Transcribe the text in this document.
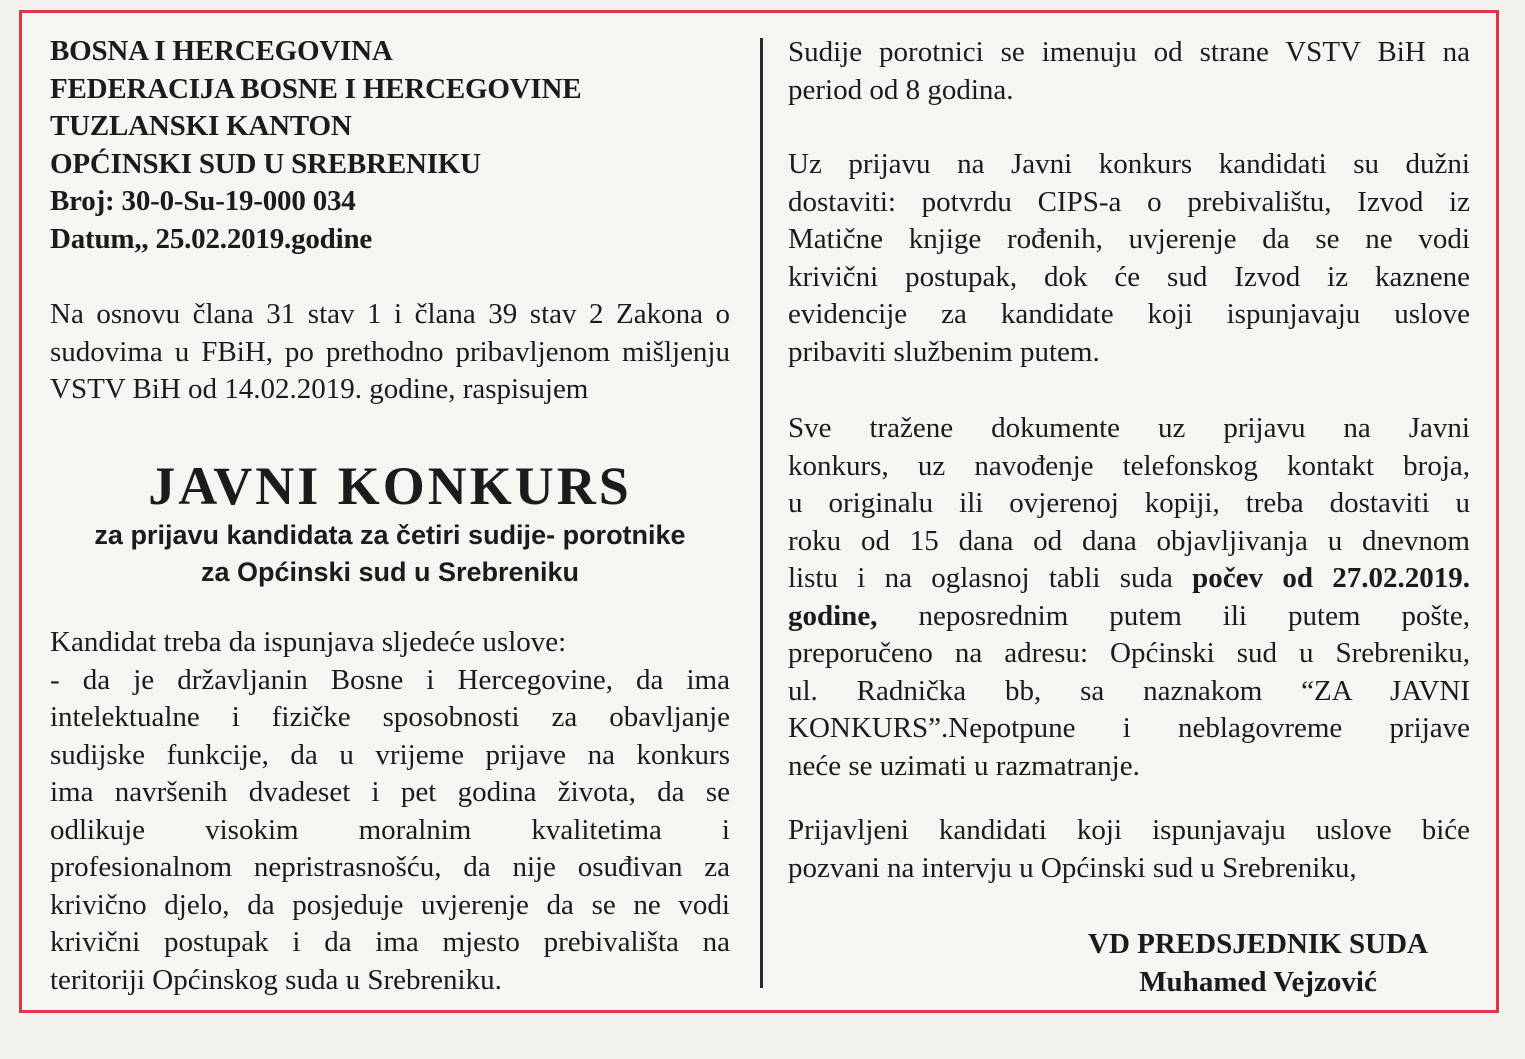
BOSNA I HERCEGOVINA
FEDERACIJA BOSNE I HERCEGOVINE
TUZLANSKI KANTON
OPĆINSKI SUD U SREBRENIKU
Broj: 30-0-Su-19-000 034
Datum,, 25.02.2019.godine
Na osnovu člana 31 stav 1 i člana 39 stav 2 Zakona o
sudovima u FBiH, po prethodno pribavljenom mišljenju
VSTV BiH od 14.02.2019. godine, raspisujem
JAVNI KONKURS
za prijavu kandidata za četiri sudije- porotnike
za Općinski sud u Srebreniku
Kandidat treba da ispunjava sljedeće uslove:
- da je državljanin Bosne i Hercegovine, da ima
intelektualne i fizičke sposobnosti za obavljanje
sudijske funkcije, da u vrijeme prijave na konkurs
ima navršenih dvadeset i pet godina života, da se
odlikuje visokim moralnim kvalitetima i
profesionalnom nepristrasnošću, da nije osuđivan za
krivično djelo, da posjeduje uvjerenje da se ne vodi
krivični postupak i da ima mjesto prebivališta na
teritoriji Općinskog suda u Srebreniku.
Sudije porotnici se imenuju od strane VSTV BiH na
period od 8 godina.
Uz prijavu na Javni konkurs kandidati su dužni
dostaviti: potvrdu CIPS-a o prebivalištu, Izvod iz
Matične knjige rođenih, uvjerenje da se ne vodi
krivični postupak, dok će sud Izvod iz kaznene
evidencije za kandidate koji ispunjavaju uslove
pribaviti službenim putem.
Sve tražene dokumente uz prijavu na Javni
konkurs, uz navođenje telefonskog kontakt broja,
u originalu ili ovjerenoj kopiji, treba dostaviti u
roku od 15 dana od dana objavljivanja u dnevnom
listu i na oglasnoj tabli suda počev od 27.02.2019.
godine, neposrednim putem ili putem pošte,
preporučeno na adresu: Općinski sud u Srebreniku,
ul. Radnička bb, sa naznakom “ZA JAVNI
KONKURS”.Nepotpune i neblagovreme prijave
neće se uzimati u razmatranje.
Prijavljeni kandidati koji ispunjavaju uslove biće
pozvani na intervju u Općinski sud u Srebreniku,
VD PREDSJEDNIK SUDA
Muhamed Vejzović
